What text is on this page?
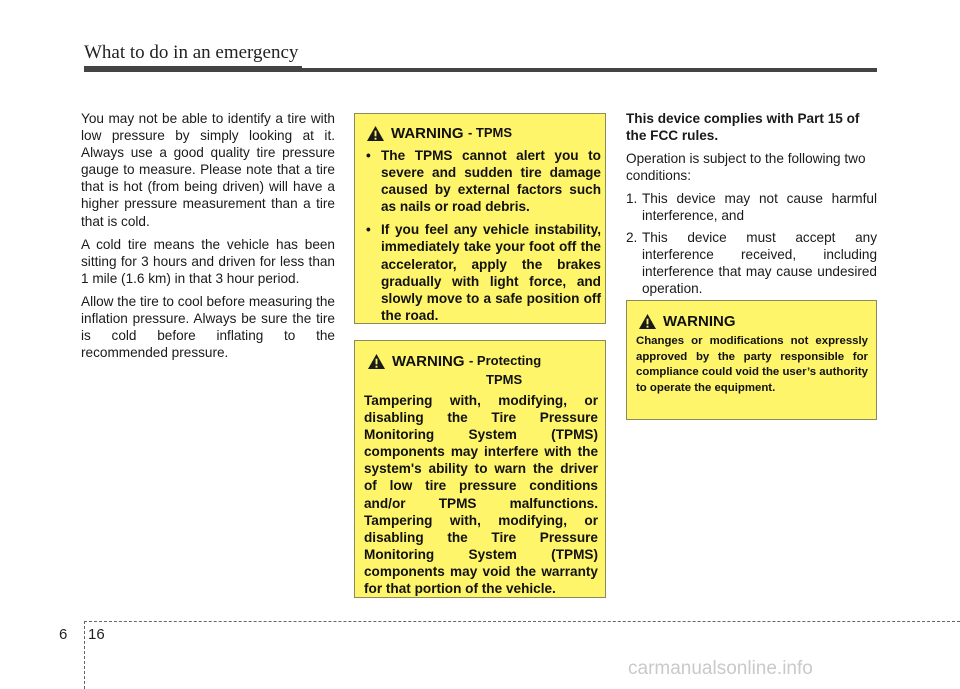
What to do in an emergency

You may not be able to identify a tire with low pressure by simply looking at it. Always use a good quality tire pressure gauge to measure. Please note that a tire that is hot (from being driven) will have a higher pressure measurement than a tire that is cold.

A cold tire means the vehicle has been sitting for 3 hours and driven for less than 1 mile (1.6 km) in that 3 hour period.

Allow the tire to cool before measuring the inflation pressure. Always be sure the tire is cold before inflating to the recommended pressure.

WARNING
- TPMS
• The TPMS cannot alert you to severe and sudden tire damage caused by external factors such as nails or road debris.
• If you feel any vehicle instability, immediately take your foot off the accelerator, apply the brakes gradually with light force, and slowly move to a safe position off the road.
WARNING
- Protecting
TPMS
Tampering with, modifying, or disabling the Tire Pressure Monitoring System (TPMS) components may interfere with the system's ability to warn the driver of low tire pressure conditions and/or TPMS malfunctions. Tampering with, modifying, or disabling the Tire Pressure Monitoring System (TPMS) components may void the warranty for that portion of the vehicle.

This device complies with Part 15 of the FCC rules.

Operation is subject to the following two conditions:

1. This device may not cause harmful interference, and
2. This device must accept any interference received, including interference that may cause undesired operation.
WARNING
Changes or modifications not expressly approved by the party responsible for compliance could void the user’s authority to operate the equipment.
6 16
carmanualsonline.info
